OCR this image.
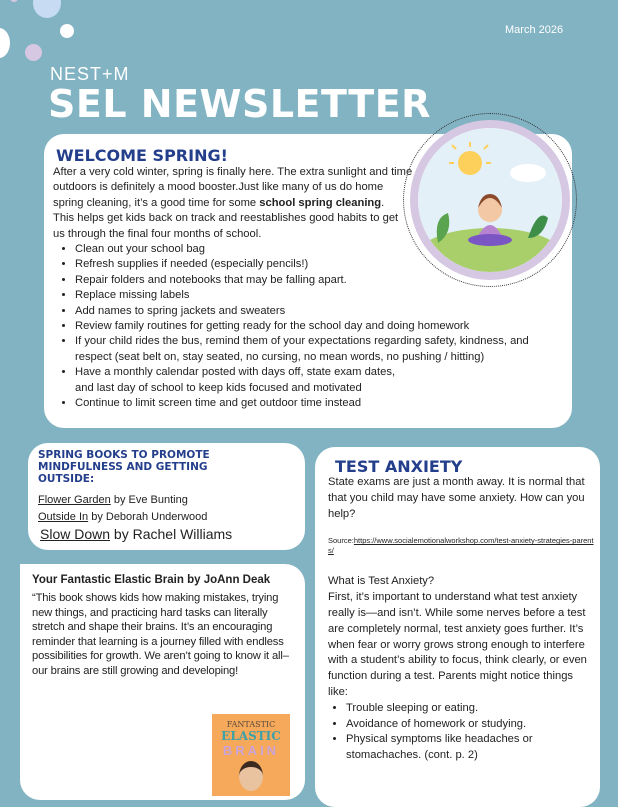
March 2026
NEST+M
SEL NEWSLETTER
WELCOME SPRING!
After a very cold winter, spring is finally here. The extra sunlight and time outdoors is definitely a mood booster.Just like many of us do home spring cleaning, it’s a good time for some school spring cleaning.
This helps get kids back on track and reestablishes good habits to get us through the final four months of school.
• Clean out your school bag
• Refresh supplies if needed (especially pencils!)
• Repair folders and notebooks that may be falling apart.
• Replace missing labels
• Add names to spring jackets and sweaters
• Review family routines for getting ready for the school day and doing homework
• If your child rides the bus, remind them of your expectations regarding safety, kindness, and respect (seat belt on, stay seated, no cursing, no mean words, no pushing / hitting)
• Have a monthly calendar posted with days off, state exam dates, and last day of school to keep kids focused and motivated
• Continue to limit screen time and get outdoor time instead
SPRING BOOKS TO PROMOTE MINDFULNESS AND GETTING OUTSIDE:
Flower Garden by Eve Bunting
Outside In by Deborah Underwood
Slow Down by Rachel Williams
Your Fantastic Elastic Brain by JoAnn Deak
“This book shows kids how making mistakes, trying new things, and practicing hard tasks can literally stretch and shape their brains. It’s an encouraging reminder that learning is a journey filled with endless possibilities for growth. We aren’t going to know it all–our brains are still growing and developing!
FANTASTIC
ELASTIC
BRAIN
TEST ANXIETY
State exams are just a month away. It is normal that that you child may have some anxiety. How can you help?
Source:https://www.socialemotionalworkshop.com/test-anxiety-strategies-parents/
What is Test Anxiety?
First, it’s important to understand what test anxiety really is—and isn’t. While some nerves before a test are completely normal, test anxiety goes further. It’s when fear or worry grows strong enough to interfere with a student’s ability to focus, think clearly, or even function during a test. Parents might notice things like:
• Trouble sleeping or eating.
• Avoidance of homework or studying.
• Physical symptoms like headaches or stomachaches. (cont. p. 2)
